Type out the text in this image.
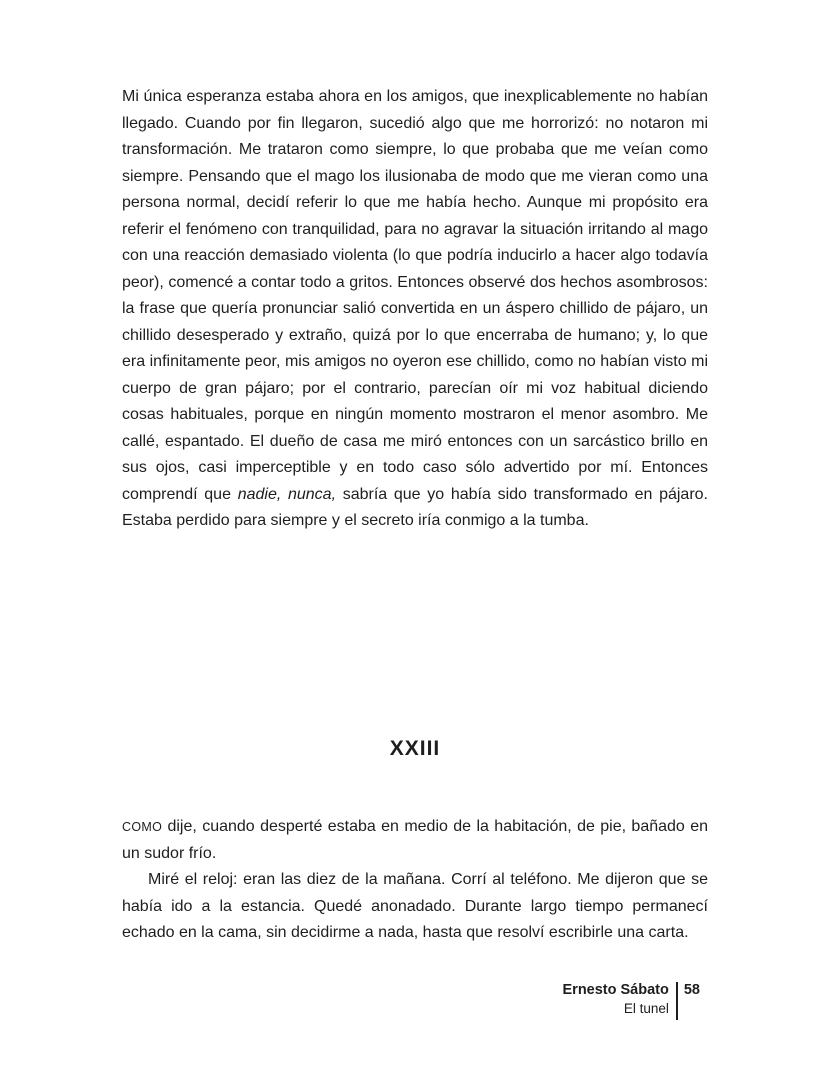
Mi única esperanza estaba ahora en los amigos, que inexplicablemente no habían llegado. Cuando por fin llegaron, sucedió algo que me horrorizó: no notaron mi transformación. Me trataron como siempre, lo que probaba que me veían como siempre. Pensando que el mago los ilusionaba de modo que me vieran como una persona normal, decidí referir lo que me había hecho. Aunque mi propósito era referir el fenómeno con tranquilidad, para no agravar la situación irritando al mago con una reacción demasiado violenta (lo que podría inducirlo a hacer algo todavía peor), comencé a contar todo a gritos. Entonces observé dos hechos asombrosos: la frase que quería pronunciar salió convertida en un áspero chillido de pájaro, un chillido desesperado y extraño, quizá por lo que encerraba de humano; y, lo que era infinitamente peor, mis amigos no oyeron ese chillido, como no habían visto mi cuerpo de gran pájaro; por el contrario, parecían oír mi voz habitual diciendo cosas habituales, porque en ningún momento mostraron el menor asombro. Me callé, espantado. El dueño de casa me miró entonces con un sarcástico brillo en sus ojos, casi imperceptible y en todo caso sólo advertido por mí. Entonces comprendí que nadie, nunca, sabría que yo había sido transformado en pájaro. Estaba perdido para siempre y el secreto iría conmigo a la tumba.
XXIII

COMO dije, cuando desperté estaba en medio de la habitación, de pie, bañado en un sudor frío.

Miré el reloj: eran las diez de la mañana. Corrí al teléfono. Me dijeron que se había ido a la estancia. Quedé anonadado. Durante largo tiempo permanecí echado en la cama, sin decidirme a nada, hasta que resolví escribirle una carta.

Ernesto Sábato
El tunel
58
